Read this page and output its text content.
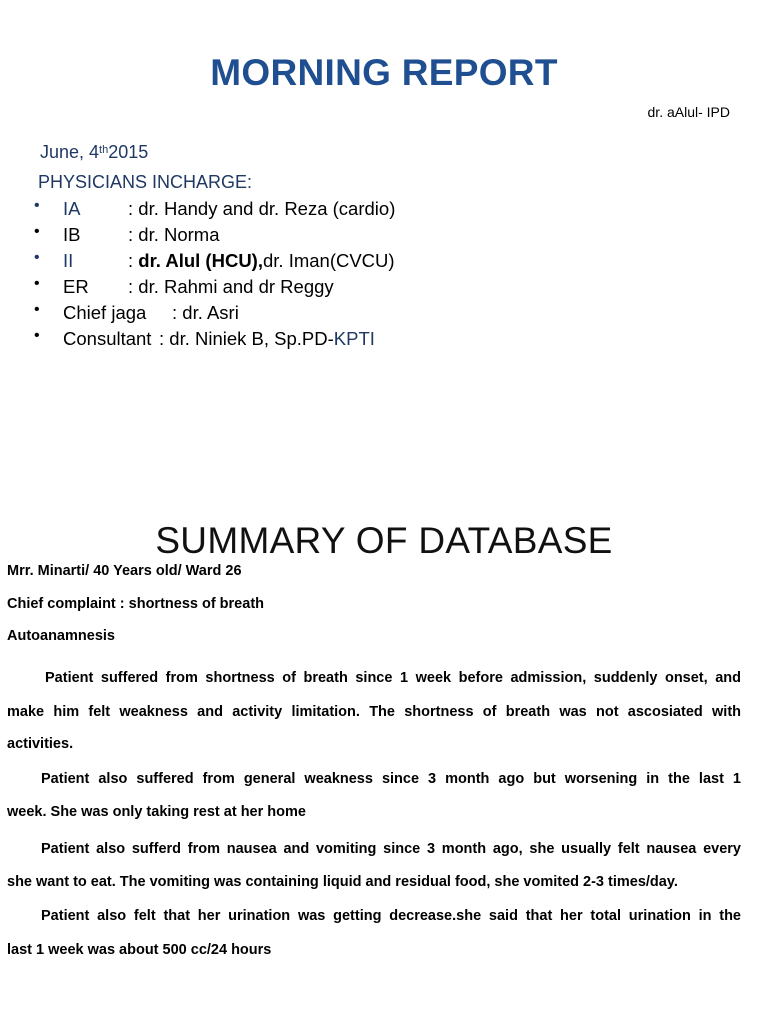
MORNING REPORT
dr. aAlul- IPD
June, 4th2015
PHYSICIANS INCHARGE:
• IA	: dr. Handy and dr. Reza (cardio)
• IB	: dr. Norma
• II	: dr. Alul (HCU),dr. Iman(CVCU)
• ER : dr. Rahmi and dr Reggy
• Chief jaga : dr. Asri
• Consultant : dr. Niniek B, Sp.PD-KPTI
SUMMARY OF DATABASE
Mrr. Minarti/ 40 Years old/ Ward 26
Chief complaint : shortness of breath
Autoanamnesis
Patient suffered from shortness of breath since 1 week before admission, suddenly onset, and
make him felt weakness and activity limitation. The shortness of breath was not ascosiated with
activities.
Patient also suffered from general weakness since 3 month ago but worsening in the last 1
week. She was only taking rest at her home
Patient also sufferd from nausea and vomiting since 3 month ago, she usually felt nausea every
she want to eat. The vomiting was containing liquid and residual food, she vomited 2-3 times/day.
Patient also felt that her urination was getting decrease.she said that her total urination in the
last 1 week was about 500 cc/24 hours
